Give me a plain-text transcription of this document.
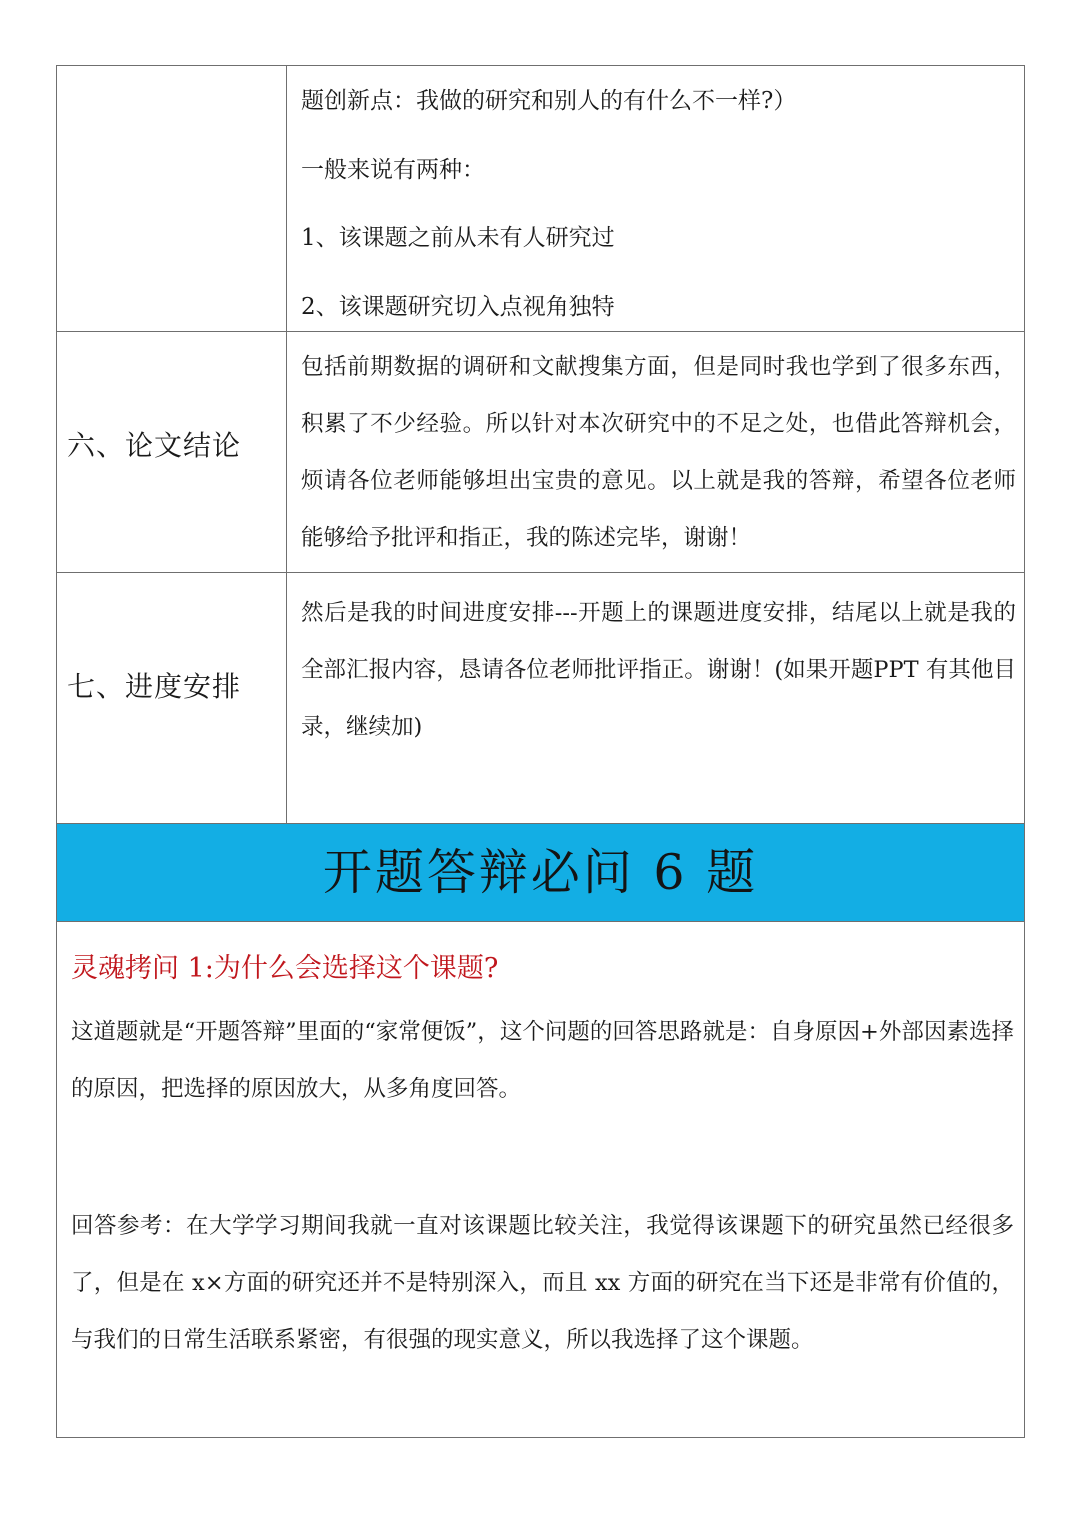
题创新点：我做的研究和别人的有什么不一样?）
一般来说有两种：
1、该课题之前从未有人研究过
2、该课题研究切入点视角独特
六、论文结论

包括前期数据的调研和文献搜集方面，但是同时我也学到了很多东西，积累了不少经验。所以针对本次研究中的不足之处，也借此答辩机会，烦请各位老师能够坦出宝贵的意见。以上就是我的答辩，希望各位老师能够给予批评和指正，我的陈述完毕，谢谢！

七、进度安排

然后是我的时间进度安排---开题上的课题进度安排，结尾以上就是我的全部汇报内容，恳请各位老师批评指正。谢谢！(如果开题PPT 有其他目录，继续加)

开题答辩必问 6 题
灵魂拷问 1:为什么会选择这个课题?

这道题就是“开题答辩”里面的“家常便饭”，这个问题的回答思路就是：自身原因+外部因素选择的原因，把选择的原因放大，从多角度回答。

回答参考：在大学学习期间我就一直对该课题比较关注，我觉得该课题下的研究虽然已经很多了，但是在 x×方面的研究还并不是特别深入，而且 xx 方面的研究在当下还是非常有价值的，与我们的日常生活联系紧密，有很强的现实意义，所以我选择了这个课题。
